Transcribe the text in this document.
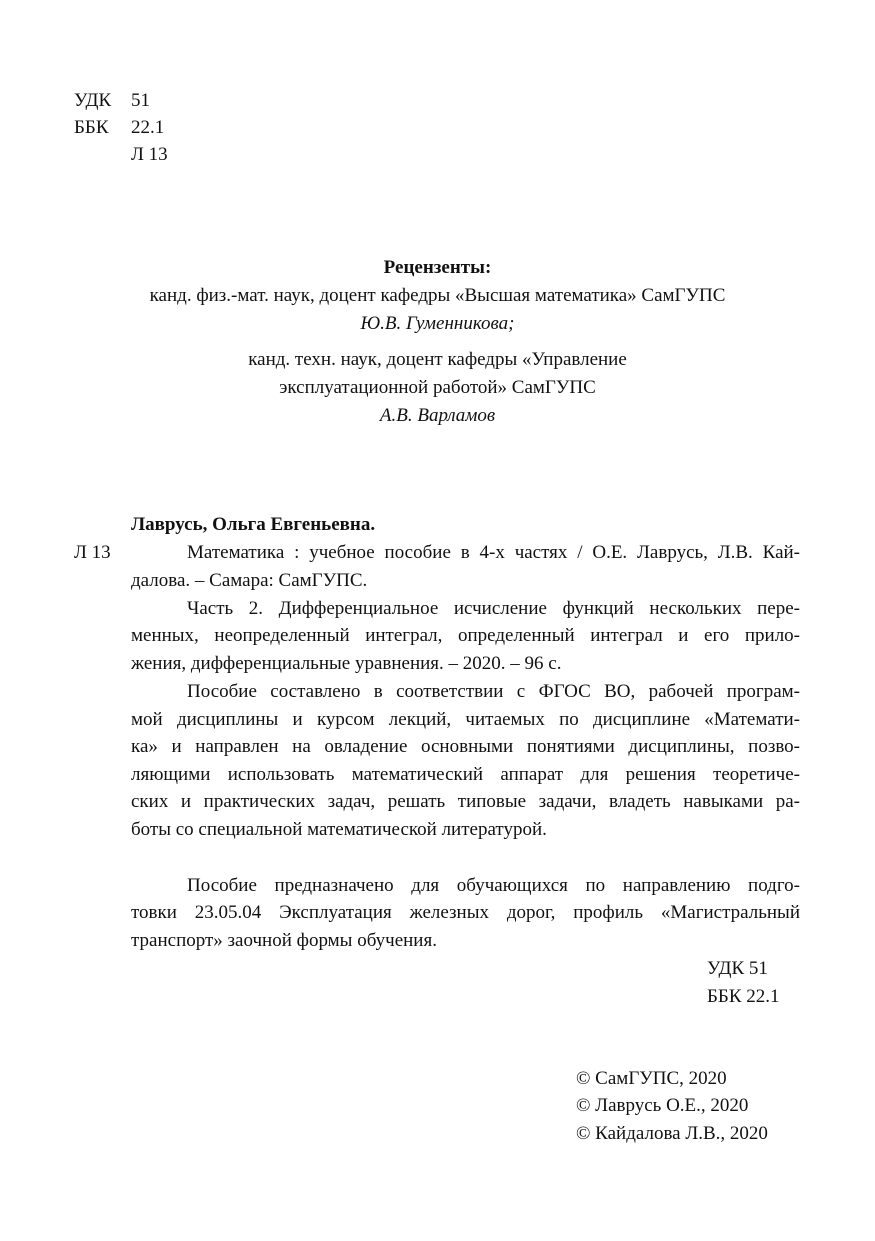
УДК 51
ББК 22.1
Л 13
Рецензенты:
канд. физ.-мат. наук, доцент кафедры «Высшая математика» СамГУПС
Ю.В. Гуменникова;
канд. техн. наук, доцент кафедры «Управление
эксплуатационной работой» СамГУПС
А.В. Варламов
Лаврусь, Ольга Евгеньевна.
Л 13	Математика : учебное пособие в 4-х частях / О.Е. Лаврусь, Л.В. Кай-
далова. – Самара: СамГУПС.
Часть 2. Дифференциальное исчисление функций нескольких пере-
менных, неопределенный интеграл, определенный интеграл и его прило-
жения, дифференциальные уравнения. – 2020. – 96 с.
Пособие составлено в соответствии с ФГОС ВО, рабочей програм-
мой дисциплины и курсом лекций, читаемых по дисциплине «Математи-
ка» и направлен на овладение основными понятиями дисциплины, позво-
ляющими использовать математический аппарат для решения теоретиче-
ских и практических задач, решать типовые задачи, владеть навыками ра-
боты со специальной математической литературой.
Пособие предназначено для обучающихся по направлению подго-
товки 23.05.04 Эксплуатация железных дорог, профиль «Магистральный
транспорт» заочной формы обучения.
УДК 51
ББК 22.1
© СамГУПС, 2020
© Лаврусь О.Е., 2020
© Кайдалова Л.В., 2020
